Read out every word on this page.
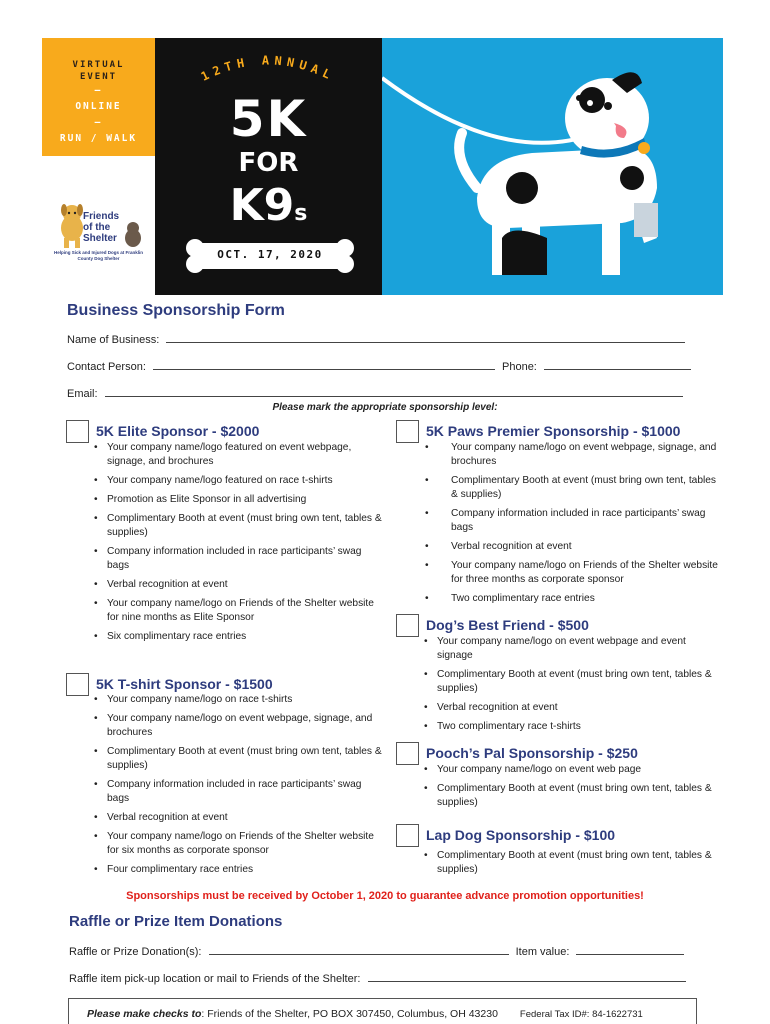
VIRTUAL
EVENT
–
ONLINE
–
RUN / WALK
Friends
of the
Shelter
Helping Sick and Injured Dogs at Franklin County Dog Shelter
12TH ANNUAL
5K
FOR
K9s
OCT. 17, 2020
Business Sponsorship Form
Name of Business:
Contact Person:	Phone:
Email:
Please mark the appropriate sponsorship level:
5K Elite Sponsor - $2000
• Your company name/logo featured on event webpage, signage, and brochures
• Your company name/logo featured on race t-shirts
• Promotion as Elite Sponsor in all advertising
• Complimentary Booth at event (must bring own tent, tables & supplies)
• Company information included in race participants’ swag bags
• Verbal recognition at event
• Your company name/logo on Friends of the Shelter website for nine months as Elite Sponsor
• Six complimentary race entries
5K T-shirt Sponsor - $1500
• Your company name/logo on race t-shirts
• Your company name/logo on event webpage, signage, and brochures
• Complimentary Booth at event (must bring own tent, tables & supplies)
• Company information included in race participants’ swag bags
• Verbal recognition at event
• Your company name/logo on Friends of the Shelter website for six months as corporate sponsor
• Four complimentary race entries
5K Paws Premier Sponsorship - $1000
• Your company name/logo on event webpage, signage, and brochures
• Complimentary Booth at event (must bring own tent, tables & supplies)
• Company information included in race participants’ swag bags
• Verbal recognition at event
• Your company name/logo on Friends of the Shelter website for three months as corporate sponsor
• Two complimentary race entries
Dog’s Best Friend - $500
• Your company name/logo on event webpage and event signage
• Complimentary Booth at event (must bring own tent, tables & supplies)
• Verbal recognition at event
• Two complimentary race t-shirts
Pooch’s Pal Sponsorship - $250
• Your company name/logo on event web page
• Complimentary Booth at event (must bring own tent, tables & supplies)
Lap Dog Sponsorship - $100
• Complimentary Booth at event (must bring own tent, tables & supplies)
Sponsorships must be received by October 1, 2020 to guarantee advance promotion opportunities!
Raffle or Prize Item Donations
Raffle or Prize Donation(s):	Item value:
Raffle item pick-up location or mail to Friends of the Shelter:
Please make checks to: Friends of the Shelter, PO BOX 307450, Columbus, OH 43230 Federal Tax ID#: 84-1622731
